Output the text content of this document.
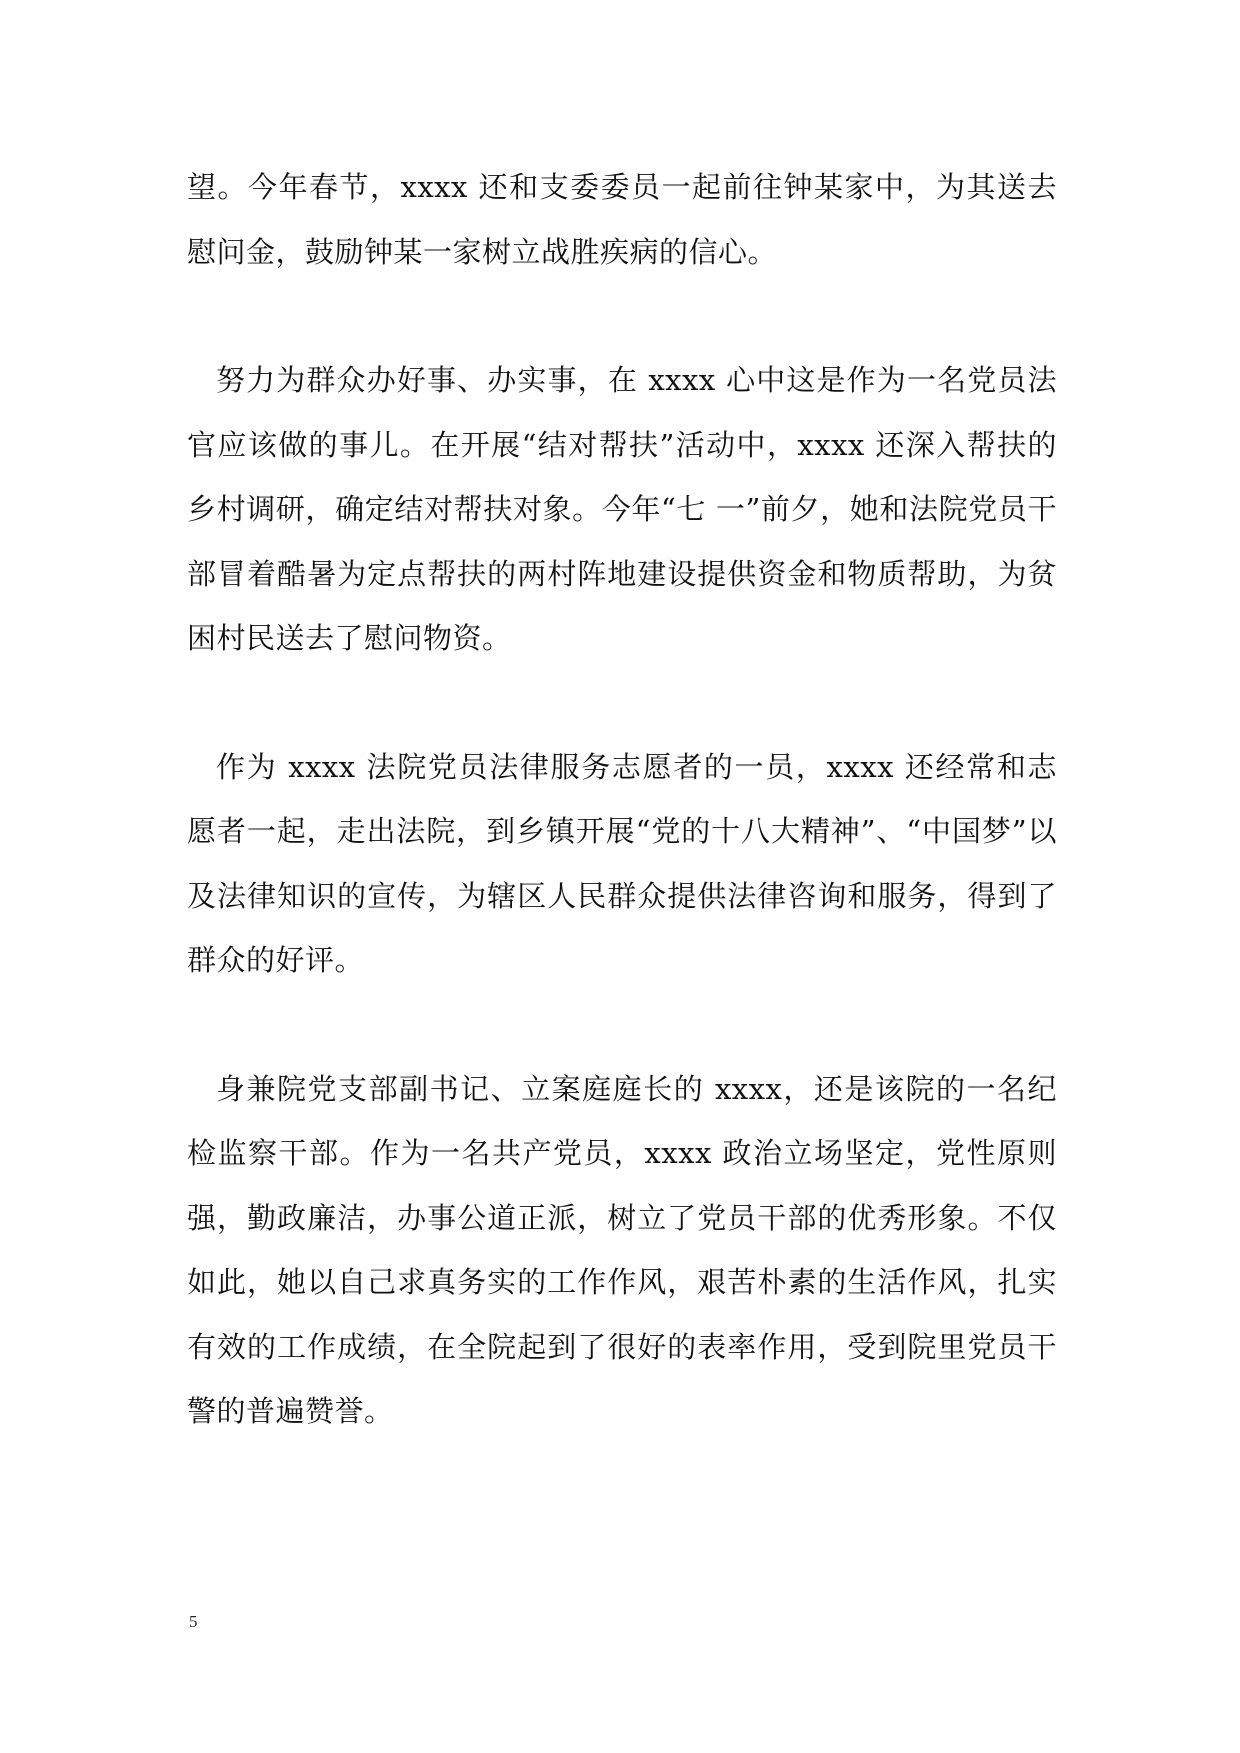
望。今年春节，xxxx 还和支委委员一起前往钟某家中，为其送去慰问金，鼓励钟某一家树立战胜疾病的信心。

努力为群众办好事、办实事，在 xxxx 心中这是作为一名党员法官应该做的事儿。在开展“结对帮扶”活动中，xxxx 还深入帮扶的乡村调研，确定结对帮扶对象。今年“七 一”前夕，她和法院党员干部冒着酷暑为定点帮扶的两村阵地建设提供资金和物质帮助，为贫困村民送去了慰问物资。

作为 xxxx 法院党员法律服务志愿者的一员，xxxx 还经常和志愿者一起，走出法院，到乡镇开展“党的十八大精神”、“中国梦”以及法律知识的宣传，为辖区人民群众提供法律咨询和服务，得到了群众的好评。

身兼院党支部副书记、立案庭庭长的 xxxx，还是该院的一名纪检监察干部。作为一名共产党员，xxxx 政治立场坚定，党性原则强，勤政廉洁，办事公道正派，树立了党员干部的优秀形象。不仅如此，她以自己求真务实的工作作风，艰苦朴素的生活作风，扎实有效的工作成绩，在全院起到了很好的表率作用，受到院里党员干警的普遍赞誉。

5
